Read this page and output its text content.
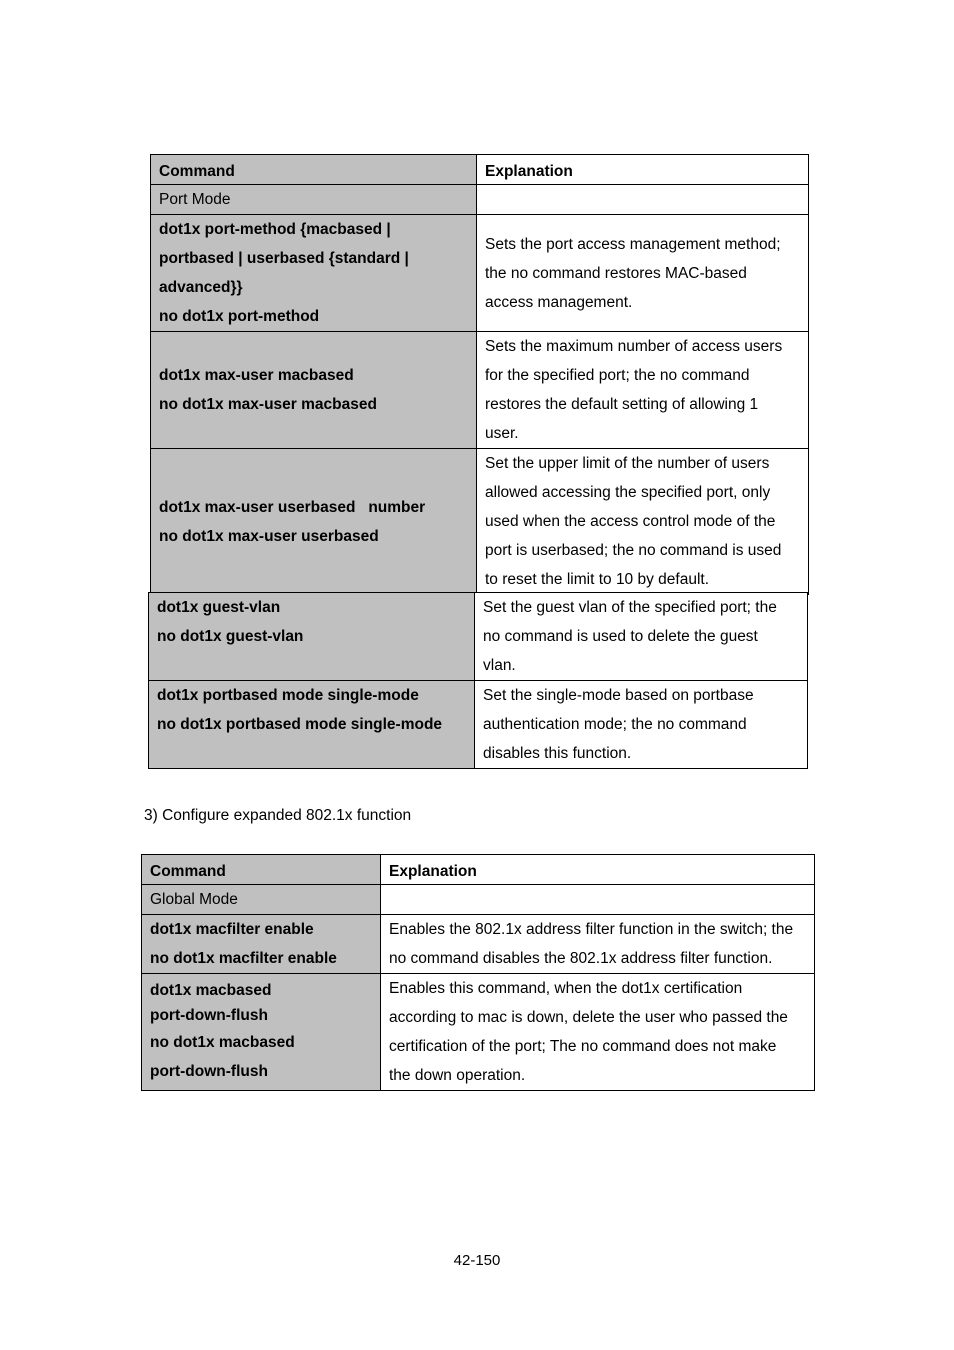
Command	Explanation
Port Mode	

dot1x port-method {macbased |
portbased | userbased {standard |
advanced}}
no dot1x port-method	Sets the port access management method;
the no command restores MAC-based
access management.

dot1x max-user macbased
no dot1x max-user macbased	Sets the maximum number of access users
for the specified port; the no command
restores the default setting of allowing 1
user.

dot1x max-user userbased   number
no dot1x max-user userbased	Set the upper limit of the number of users
allowed accessing the specified port, only
used when the access control mode of the
port is userbased; the no command is used
to reset the limit to 10 by default.
dot1x guest-vlan
no dot1x guest-vlan	Set the guest vlan of the specified port; the
no command is used to delete the guest
vlan.

dot1x portbased mode single-mode
no dot1x portbased mode single-mode	Set the single-mode based on portbase
authentication mode; the no command
disables this function.
3) Configure expanded 802.1x function
Command	Explanation
Global Mode	

dot1x macfilter enable
no dot1x macfilter enable	Enables the 802.1x address filter function in the switch; the
no command disables the 802.1x address filter function.

dot1x macbased
port-down-flush
no dot1x macbased
port-down-flush	Enables this command, when the dot1x certification
according to mac is down, delete the user who passed the
certification of the port; The no command does not make
the down operation.
42-150
